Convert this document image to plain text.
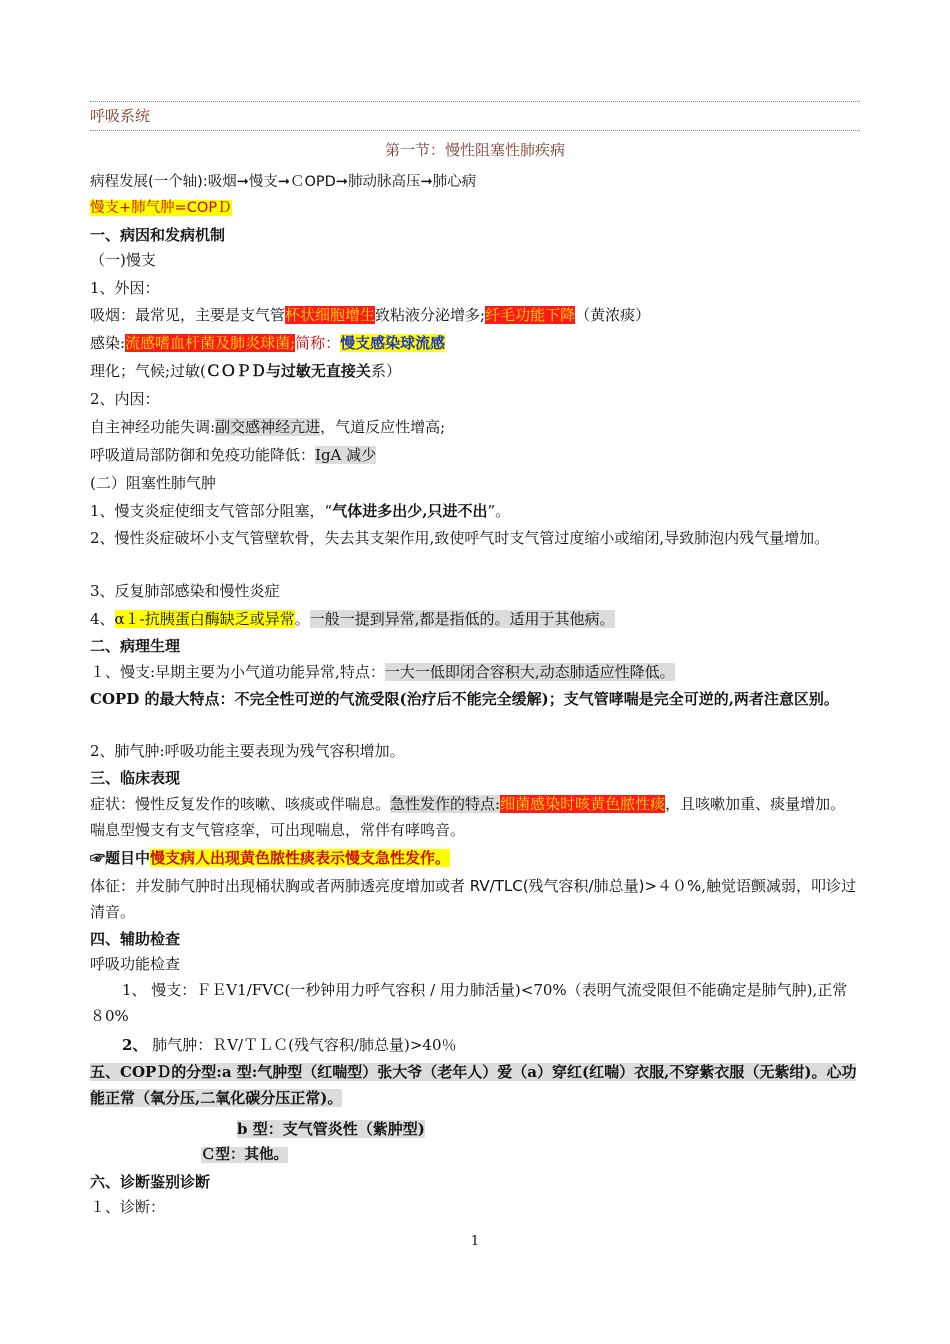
呼吸系统
第一节：慢性阻塞性肺疾病
病程发展(一个轴):吸烟➞慢支➞ＣOPD➞肺动脉高压➞肺心病
慢支+肺气肿=COPＤ
一、病因和发病机制
（一)慢支
1、外因：
吸烟：最常见，主要是支气管杯状细胞增生致粘液分泌增多;纤毛功能下降（黄浓痰）
感染:流感嗜血杆菌及肺炎球菌;简称：慢支感染球流感
理化；气候;过敏(ＣＯＰＤ与过敏无直接关系）
2、内因：
自主神经功能失调:副交感神经亢进，气道反应性增高;
呼吸道局部防御和免疫功能降低：IgA 减少
(二）阻塞性肺气肿
1、慢支炎症使细支气管部分阻塞，“气体进多出少,只进不出”。
2、慢性炎症破坏小支气管壁软骨，失去其支架作用,致使呼气时支气管过度缩小或缩闭,导致肺泡内残气量增加。
3、反复肺部感染和慢性炎症
4、α１-抗胰蛋白酶缺乏或异常。一般一提到异常,都是指低的。适用于其他病。
二、病理生理
１、慢支:早期主要为小气道功能异常,特点：一大一低即闭合容积大,动态肺适应性降低。
COPD 的最大特点：不完全性可逆的气流受限(治疗后不能完全缓解)；支气管哮喘是完全可逆的,两者注意区别。
2、肺气肿:呼吸功能主要表现为残气容积增加。
三、临床表现
症状：慢性反复发作的咳嗽、咳痰或伴喘息。急性发作的特点:细菌感染时咳黄色脓性痰，且咳嗽加重、痰量增加。喘息型慢支有支气管痉挛，可出现喘息，常伴有哮鸣音。
☞题目中慢支病人出现黄色脓性痰表示慢支急性发作。
体征：并发肺气肿时出现桶状胸或者两肺透亮度增加或者 RV/TLC(残气容积/肺总量)>４０%,触觉语颤减弱，叩诊过清音。
四、辅助检查
呼吸功能检查
1、 慢支：ＦＥV1/FVC(一秒钟用力呼气容积 / 用力肺活量)<70%（表明气流受限但不能确定是肺气肿),正常８0%
2、 肺气肿：ＲV/ＴＬＣ(残气容积/肺总量)>40％
五、COPＤ的分型:a 型:气肿型（红喘型）张大爷（老年人）爱（a）穿红(红喘）衣服,不穿紫衣服（无紫绀)。心功能正常（氧分压,二氧化碳分压正常)。
b 型：支气管炎性（紫肿型)
Ｃ型：其他。
六、诊断鉴别诊断
１、诊断：
1
